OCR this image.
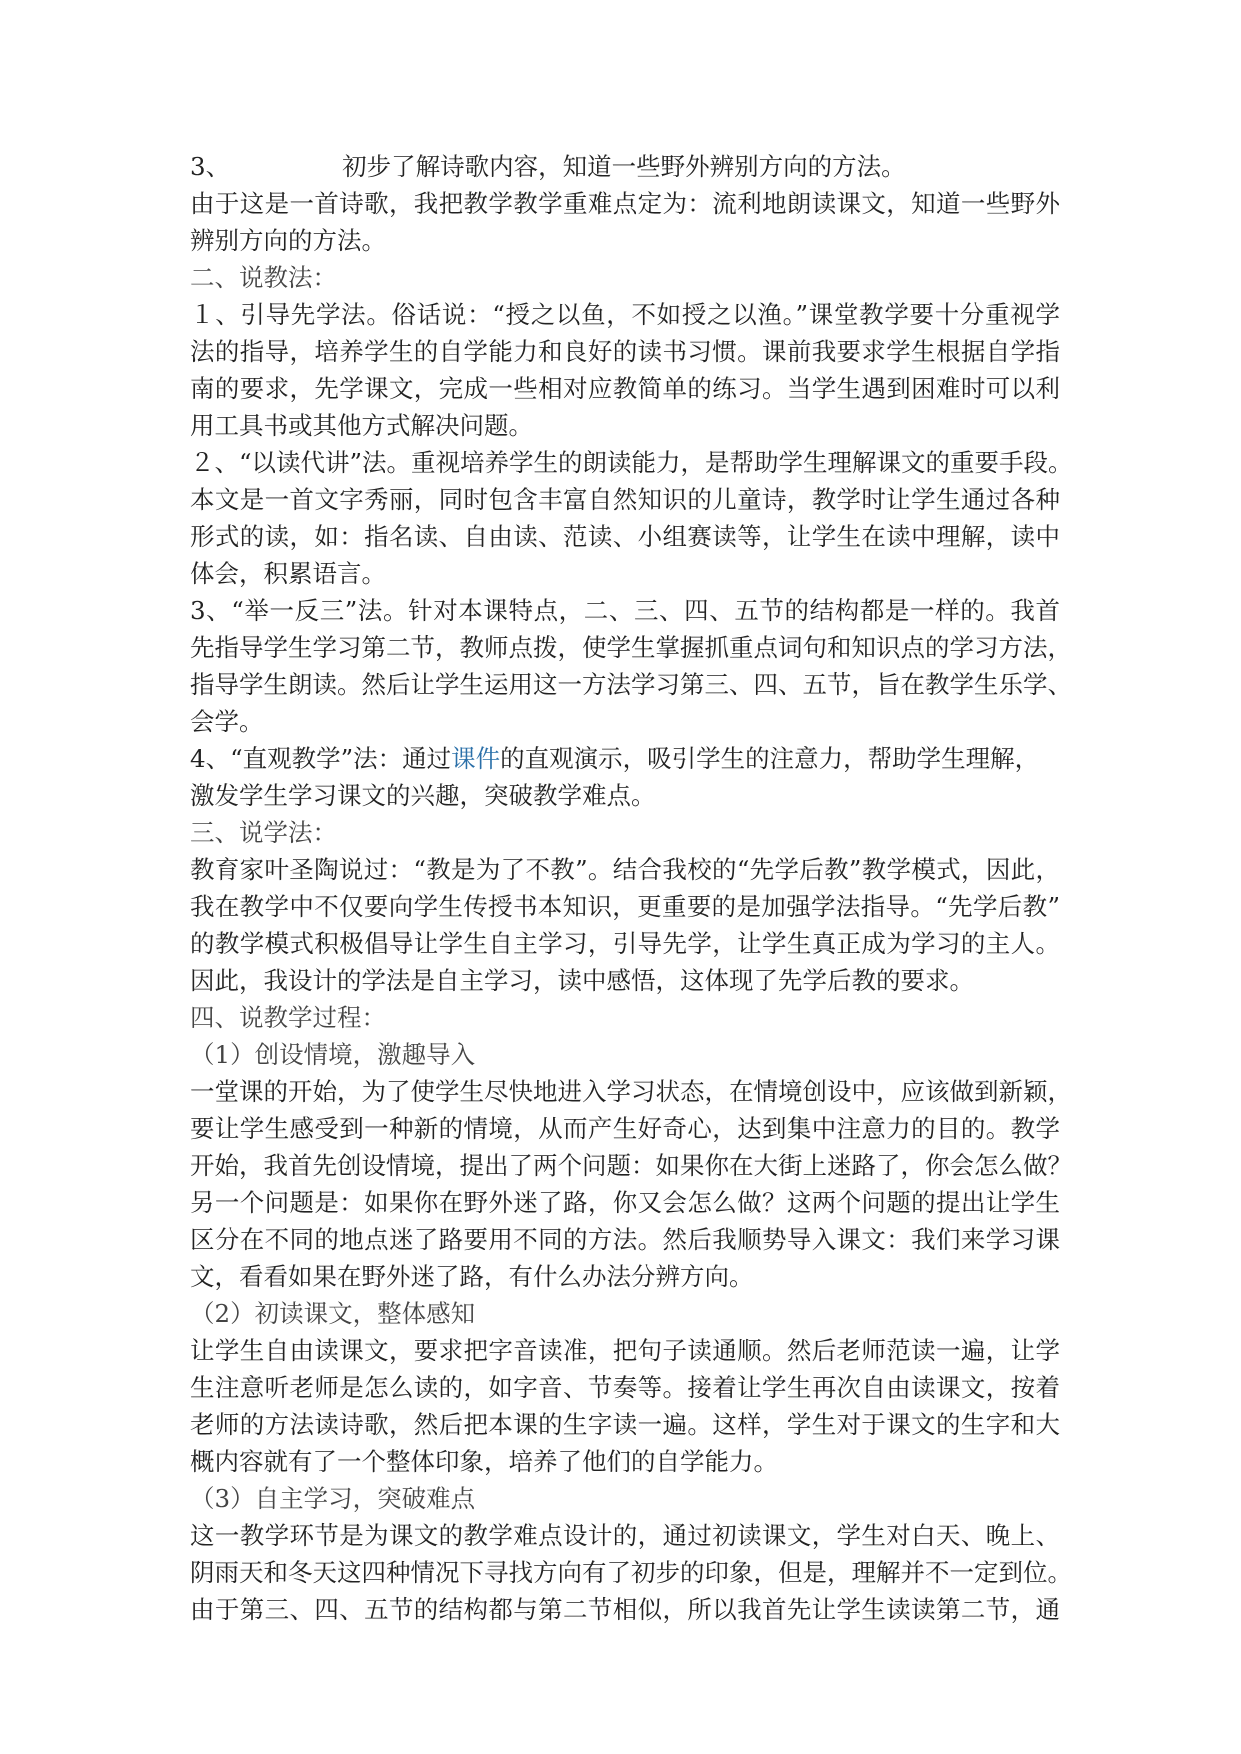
3、	初步了解诗歌内容，知道一些野外辨别方向的方法。
由于这是一首诗歌，我把教学教学重难点定为：流利地朗读课文，知道一些野外
辨别方向的方法。
二、说教法：
１、引导先学法。俗话说：“授之以鱼，不如授之以渔。”课堂教学要十分重视学
法的指导，培养学生的自学能力和良好的读书习惯。课前我要求学生根据自学指
南的要求，先学课文，完成一些相对应教简单的练习。当学生遇到困难时可以利
用工具书或其他方式解决问题。
２、“以读代讲”法。重视培养学生的朗读能力，是帮助学生理解课文的重要手段。
本文是一首文字秀丽，同时包含丰富自然知识的儿童诗，教学时让学生通过各种
形式的读，如：指名读、自由读、范读、小组赛读等，让学生在读中理解，读中
体会，积累语言。
3、“举一反三”法。针对本课特点，二、三、四、五节的结构都是一样的。我首
先指导学生学习第二节，教师点拨，使学生掌握抓重点词句和知识点的学习方法，
指导学生朗读。然后让学生运用这一方法学习第三、四、五节，旨在教学生乐学、
会学。
4、“直观教学”法：通过课件的直观演示，吸引学生的注意力，帮助学生理解，
激发学生学习课文的兴趣，突破教学难点。
三、说学法：
教育家叶圣陶说过：“教是为了不教”。结合我校的“先学后教”教学模式，因此，
我在教学中不仅要向学生传授书本知识，更重要的是加强学法指导。“先学后教”
的教学模式积极倡导让学生自主学习，引导先学，让学生真正成为学习的主人。
因此，我设计的学法是自主学习，读中感悟，这体现了先学后教的要求。
四、说教学过程：
（1）创设情境，激趣导入
一堂课的开始，为了使学生尽快地进入学习状态，在情境创设中，应该做到新颖，
要让学生感受到一种新的情境，从而产生好奇心，达到集中注意力的目的。教学
开始，我首先创设情境，提出了两个问题：如果你在大街上迷路了，你会怎么做？
另一个问题是：如果你在野外迷了路，你又会怎么做？这两个问题的提出让学生
区分在不同的地点迷了路要用不同的方法。然后我顺势导入课文：我们来学习课
文，看看如果在野外迷了路，有什么办法分辨方向。
（2）初读课文，整体感知
让学生自由读课文，要求把字音读准，把句子读通顺。然后老师范读一遍，让学
生注意听老师是怎么读的，如字音、节奏等。接着让学生再次自由读课文，按着
老师的方法读诗歌，然后把本课的生字读一遍。这样，学生对于课文的生字和大
概内容就有了一个整体印象，培养了他们的自学能力。
（3）自主学习，突破难点
这一教学环节是为课文的教学难点设计的，通过初读课文，学生对白天、晚上、
阴雨天和冬天这四种情况下寻找方向有了初步的印象，但是，理解并不一定到位。
由于第三、四、五节的结构都与第二节相似，所以我首先让学生读读第二节，通
